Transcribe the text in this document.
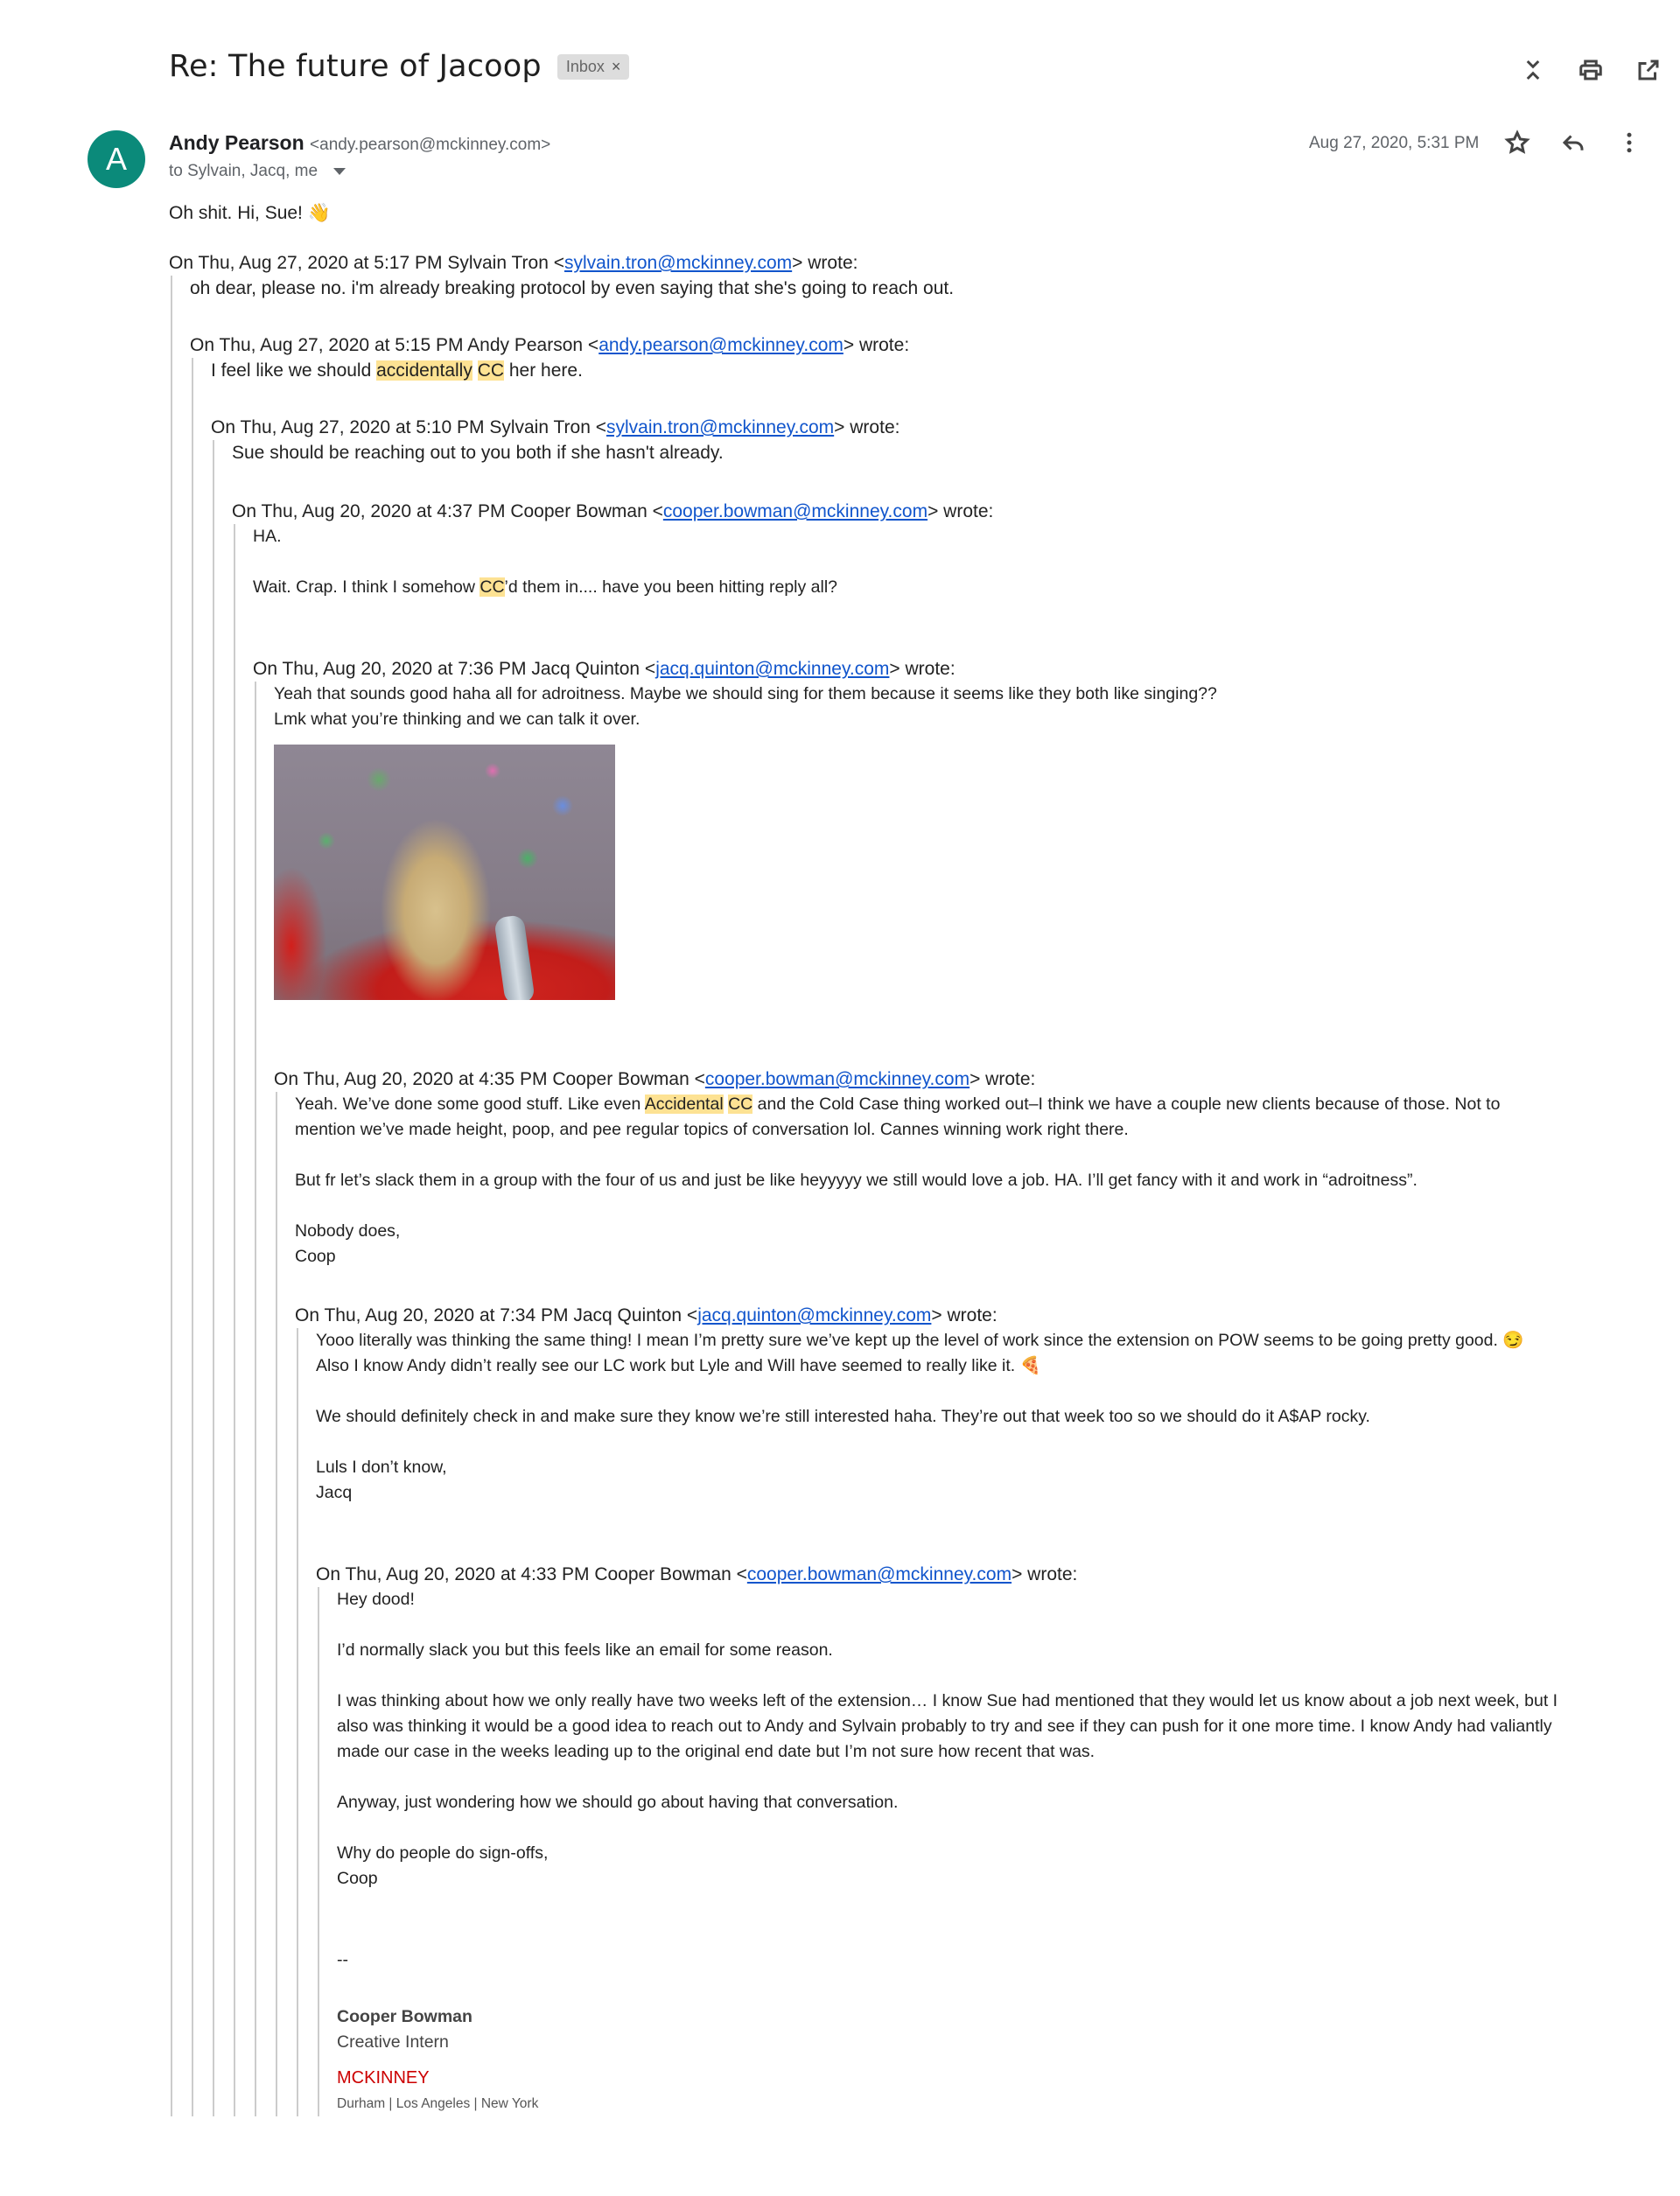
Re: The future of Jacoop Inbox ×
A	Andy Pearson <andy.pearson@mckinney.com>
to Sylvain, Jacq, me
Aug 27, 2020, 5:31 PM
Oh shit. Hi, Sue! 👋
On Thu, Aug 27, 2020 at 5:17 PM Sylvain Tron <sylvain.tron@mckinney.com> wrote:
oh dear, please no. i'm already breaking protocol by even saying that she's going to reach out.
On Thu, Aug 27, 2020 at 5:15 PM Andy Pearson <andy.pearson@mckinney.com> wrote:
I feel like we should accidentally CC her here.
On Thu, Aug 27, 2020 at 5:10 PM Sylvain Tron <sylvain.tron@mckinney.com> wrote:
Sue should be reaching out to you both if she hasn't already.
On Thu, Aug 20, 2020 at 4:37 PM Cooper Bowman <cooper.bowman@mckinney.com> wrote:
HA.
Wait. Crap. I think I somehow CC’d them in.... have you been hitting reply all?
On Thu, Aug 20, 2020 at 7:36 PM Jacq Quinton <jacq.quinton@mckinney.com> wrote:
Yeah that sounds good haha all for adroitness. Maybe we should sing for them because it seems like they both like singing??
Lmk what you’re thinking and we can talk it over.
On Thu, Aug 20, 2020 at 4:35 PM Cooper Bowman <cooper.bowman@mckinney.com> wrote:
Yeah. We’ve done some good stuff. Like even Accidental CC and the Cold Case thing worked out–I think we have a couple new clients because of those. Not to mention we’ve made height, poop, and pee regular topics of conversation lol. Cannes winning work right there.
But fr let’s slack them in a group with the four of us and just be like heyyyyy we still would love a job. HA. I’ll get fancy with it and work in “adroitness”.
Nobody does,
Coop
On Thu, Aug 20, 2020 at 7:34 PM Jacq Quinton <jacq.quinton@mckinney.com> wrote:
Yooo literally was thinking the same thing! I mean I’m pretty sure we’ve kept up the level of work since the extension on POW seems to be going pretty good. 😏
Also I know Andy didn’t really see our LC work but Lyle and Will have seemed to really like it. 🍕
We should definitely check in and make sure they know we’re still interested haha. They’re out that week too so we should do it A$AP rocky.
Luls I don’t know,
Jacq
On Thu, Aug 20, 2020 at 4:33 PM Cooper Bowman <cooper.bowman@mckinney.com> wrote:
Hey dood!
I’d normally slack you but this feels like an email for some reason.
I was thinking about how we only really have two weeks left of the extension… I know Sue had mentioned that they would let us know about a job next week, but I also was thinking it would be a good idea to reach out to Andy and Sylvain probably to try and see if they can push for it one more time. I know Andy had valiantly made our case in the weeks leading up to the original end date but I’m not sure how recent that was.
Anyway, just wondering how we should go about having that conversation.
Why do people do sign-offs,
Coop
--
Cooper Bowman
Creative Intern
MCKINNEY
Durham | Los Angeles | New York
